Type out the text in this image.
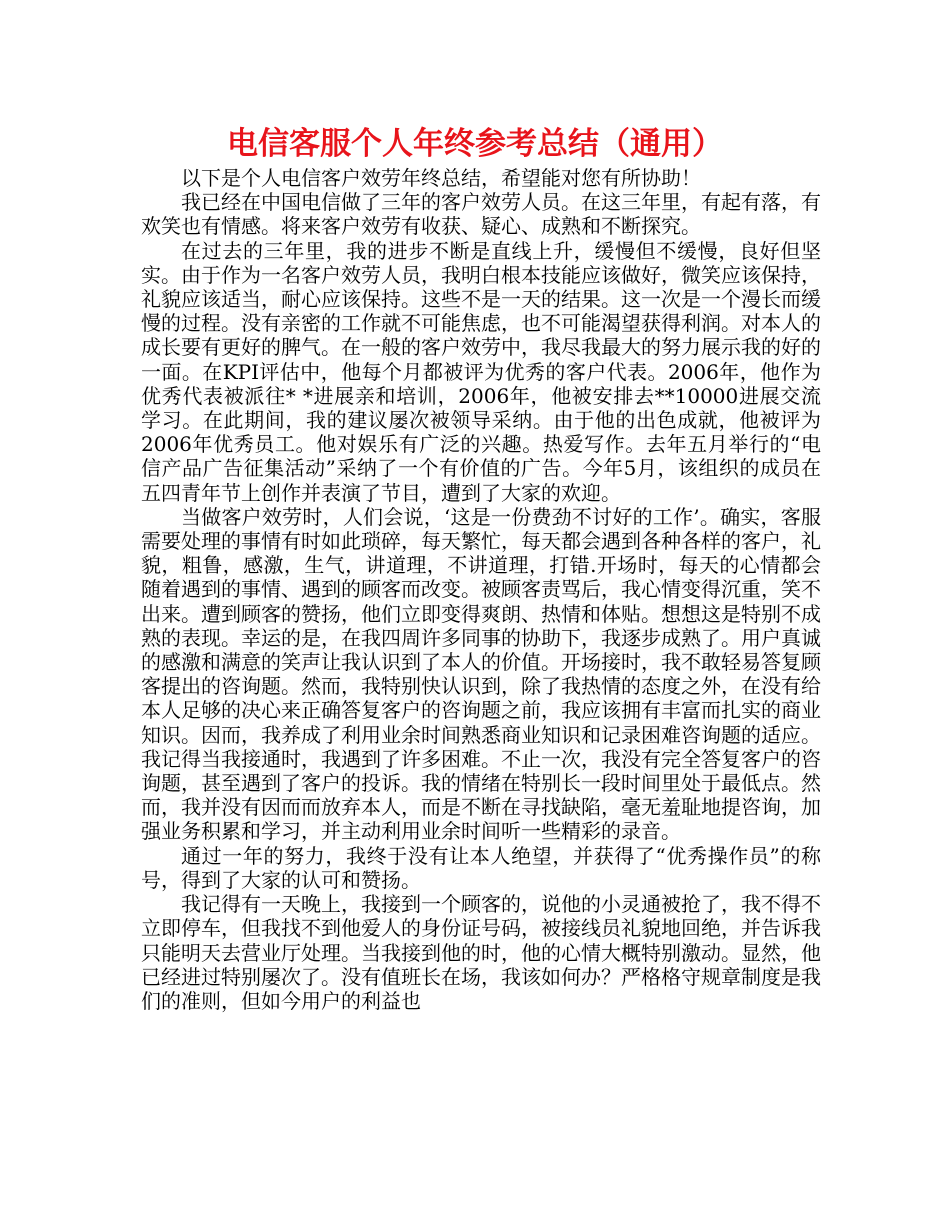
电信客服个人年终参考总结（通用）

以下是个人电信客户效劳年终总结，希望能对您有所协助！

我已经在中国电信做了三年的客户效劳人员。在这三年里，有起有落，有欢笑也有情感。将来客户效劳有收获、疑心、成熟和不断探究。

在过去的三年里，我的进步不断是直线上升，缓慢但不缓慢，良好但坚实。由于作为一名客户效劳人员，我明白根本技能应该做好，微笑应该保持，礼貌应该适当，耐心应该保持。这些不是一天的结果。这一次是一个漫长而缓慢的过程。没有亲密的工作就不可能焦虑，也不可能渴望获得利润。对本人的成长要有更好的脾气。在一般的客户效劳中，我尽我最大的努力展示我的好的一面。在KPI评估中，他每个月都被评为优秀的客户代表。2006年，他作为优秀代表被派往* *进展亲和培训，2006年，他被安排去**10000进展交流学习。在此期间，我的建议屡次被领导采纳。由于他的出色成就，他被评为2006年优秀员工。他对娱乐有广泛的兴趣。热爱写作。去年五月举行的“电信产品广告征集活动”采纳了一个有价值的广告。今年5月，该组织的成员在五四青年节上创作并表演了节目，遭到了大家的欢迎。

当做客户效劳时，人们会说，‘这是一份费劲不讨好的工作’。确实，客服需要处理的事情有时如此琐碎，每天繁忙，每天都会遇到各种各样的客户，礼貌，粗鲁，感激，生气，讲道理，不讲道理，打错.开场时，每天的心情都会随着遇到的事情、遇到的顾客而改变。被顾客责骂后，我心情变得沉重，笑不出来。遭到顾客的赞扬，他们立即变得爽朗、热情和体贴。想想这是特别不成熟的表现。幸运的是，在我四周许多同事的协助下，我逐步成熟了。用户真诚的感激和满意的笑声让我认识到了本人的价值。开场接时，我不敢轻易答复顾客提出的咨询题。然而，我特别快认识到，除了我热情的态度之外，在没有给本人足够的决心来正确答复客户的咨询题之前，我应该拥有丰富而扎实的商业知识。因而，我养成了利用业余时间熟悉商业知识和记录困难咨询题的适应。我记得当我接通时，我遇到了许多困难。不止一次，我没有完全答复客户的咨询题，甚至遇到了客户的投诉。我的情绪在特别长一段时间里处于最低点。然而，我并没有因而而放弃本人，而是不断在寻找缺陷，毫无羞耻地提咨询，加强业务积累和学习，并主动利用业余时间听一些精彩的录音。

通过一年的努力，我终于没有让本人绝望，并获得了“优秀操作员”的称号，得到了大家的认可和赞扬。

我记得有一天晚上，我接到一个顾客的，说他的小灵通被抢了，我不得不立即停车，但我找不到他爱人的身份证号码，被接线员礼貌地回绝，并告诉我只能明天去营业厅处理。当我接到他的时，他的心情大概特别激动。显然，他已经进过特别屡次了。没有值班长在场，我该如何办？严格格守规章制度是我们的准则，但如今用户的利益也
